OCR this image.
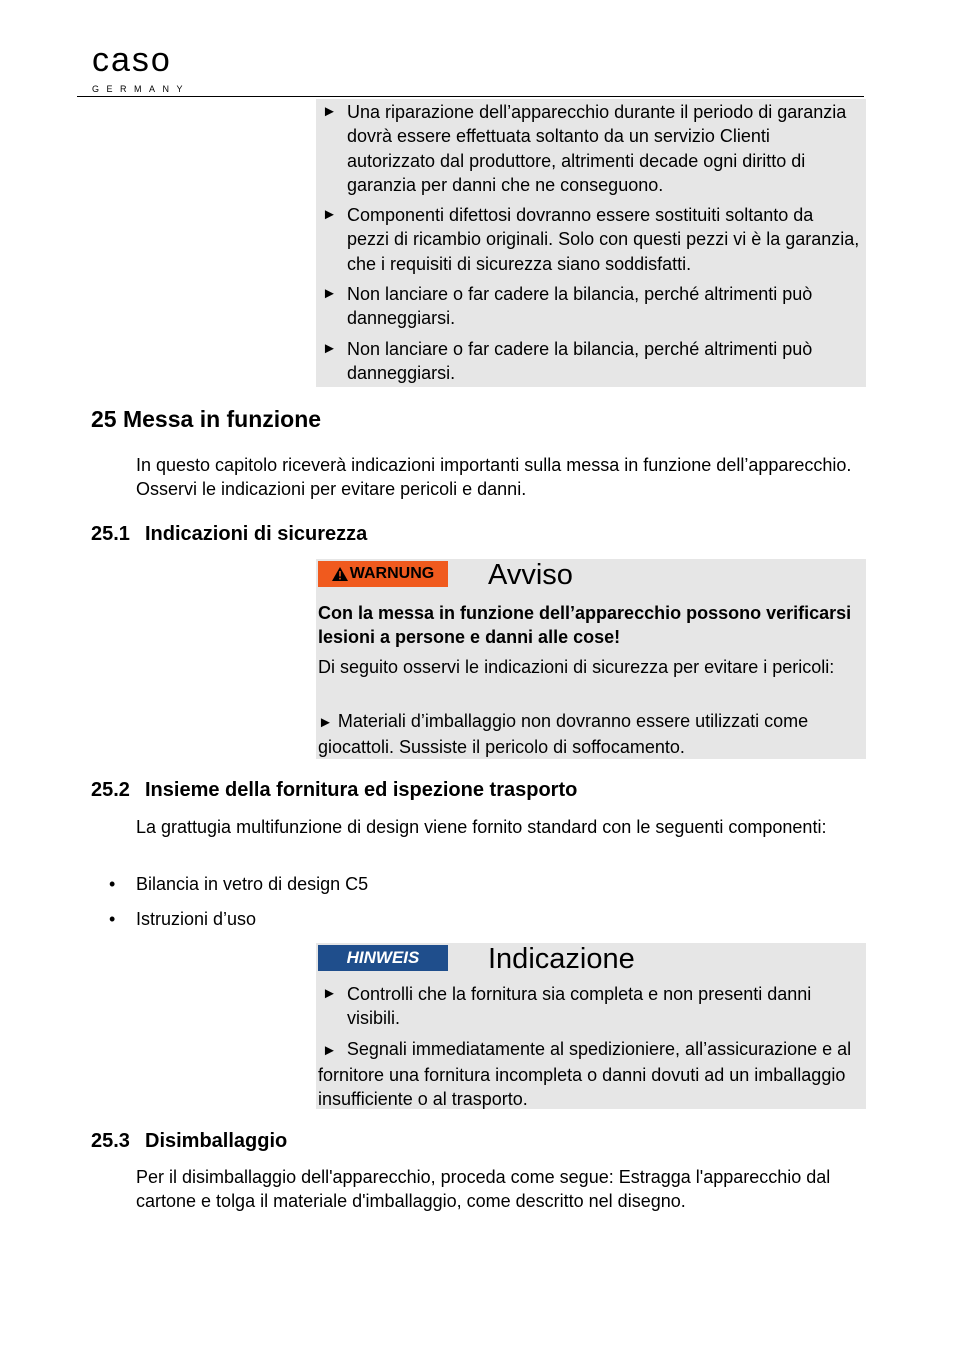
caso
GERMANY
► Una riparazione dell’apparecchio durante il periodo di garanzia dovrà essere effettuata soltanto da un servizio Clienti autorizzato dal produttore, altrimenti decade ogni diritto di garanzia per danni che ne conseguono.
► Componenti difettosi dovranno essere sostituiti soltanto da pezzi di ricambio originali. Solo con questi pezzi vi è la garanzia, che i requisiti di sicurezza siano soddisfatti.
► Non lanciare o far cadere la bilancia, perché altrimenti può danneggiarsi.
► Non lanciare o far cadere la bilancia, perché altrimenti può danneggiarsi.
25 Messa in funzione
In questo capitolo riceverà indicazioni importanti sulla messa in funzione dell’apparecchio. Osservi le indicazioni per evitare pericoli e danni.
25.1 Indicazioni di sicurezza
WARNUNG Avviso
Con la messa in funzione dell’apparecchio possono verificarsi lesioni a persone e danni alle cose!
Di seguito osservi le indicazioni di sicurezza per evitare i pericoli:
► Materiali d’imballaggio non dovranno essere utilizzati come giocattoli. Sussiste il pericolo di soffocamento.
25.2 Insieme della fornitura ed ispezione trasporto
La grattugia multifunzione di design viene fornito standard con le seguenti componenti:
• Bilancia in vetro di design C5
• Istruzioni d’uso
HINWEIS	Indicazione
► Controlli che la fornitura sia completa e non presenti danni visibili.
► Segnali immediatamente al spedizioniere, all’assicurazione e al fornitore una fornitura incompleta o danni dovuti ad un imballaggio insufficiente o al trasporto.
25.3 Disimballaggio
Per il disimballaggio dell'apparecchio, proceda come segue: Estragga l'apparecchio dal cartone e tolga il materiale d'imballaggio, come descritto nel disegno.
